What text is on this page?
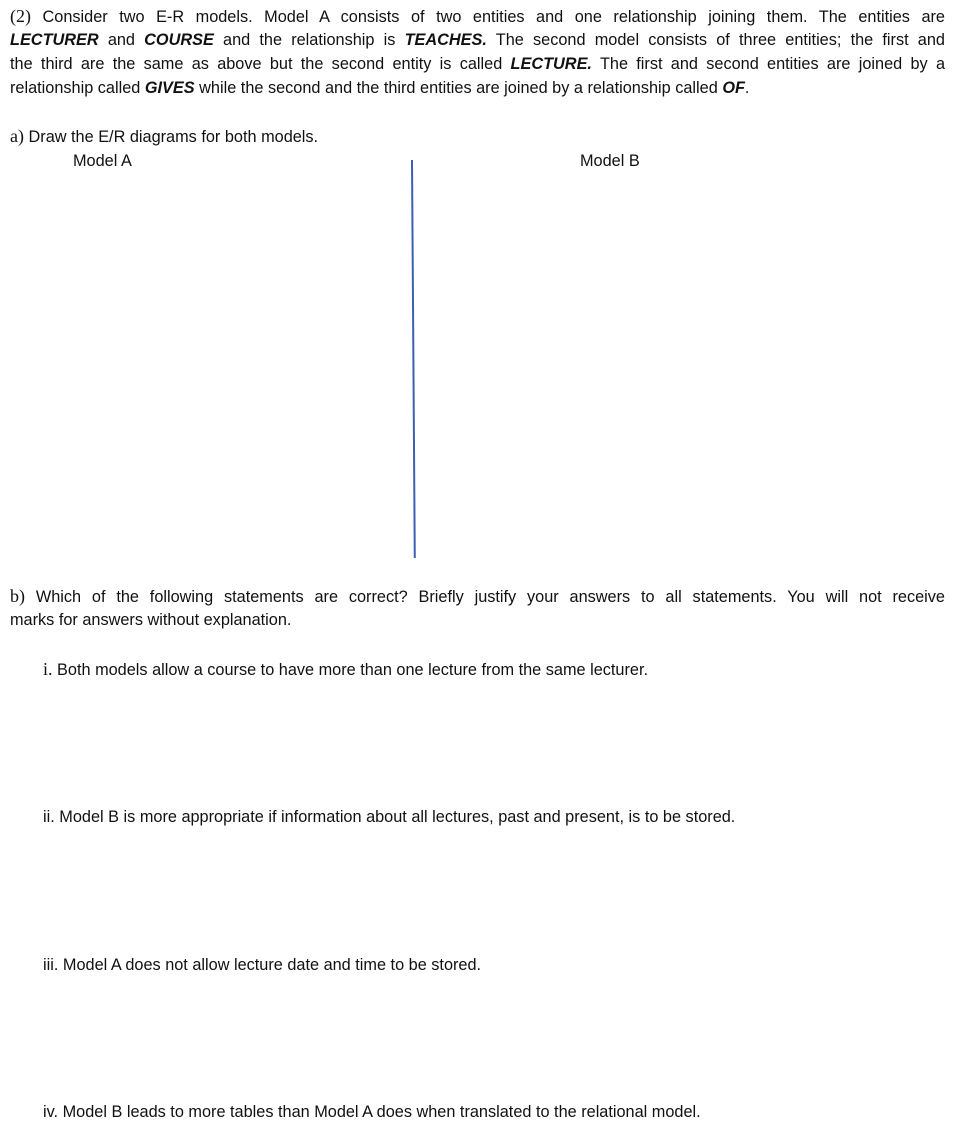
(2) Consider two E-R models. Model A consists of two entities and one relationship joining them. The entities are
LECTURER and COURSE and the relationship is TEACHES. The second model consists of three entities; the first and
the third are the same as above but the second entity is called LECTURE. The first and second entities are joined by a
relationship called GIVES while the second and the third entities are joined by a relationship called OF.
a) Draw the E/R diagrams for both models.
Model A	Model B
b) Which of the following statements are correct? Briefly justify your answers to all statements. You will not receive
marks for answers without explanation.
i. Both models allow a course to have more than one lecture from the same lecturer.
ii. Model B is more appropriate if information about all lectures, past and present, is to be stored.
iii. Model A does not allow lecture date and time to be stored.
iv. Model B leads to more tables than Model A does when translated to the relational model.
